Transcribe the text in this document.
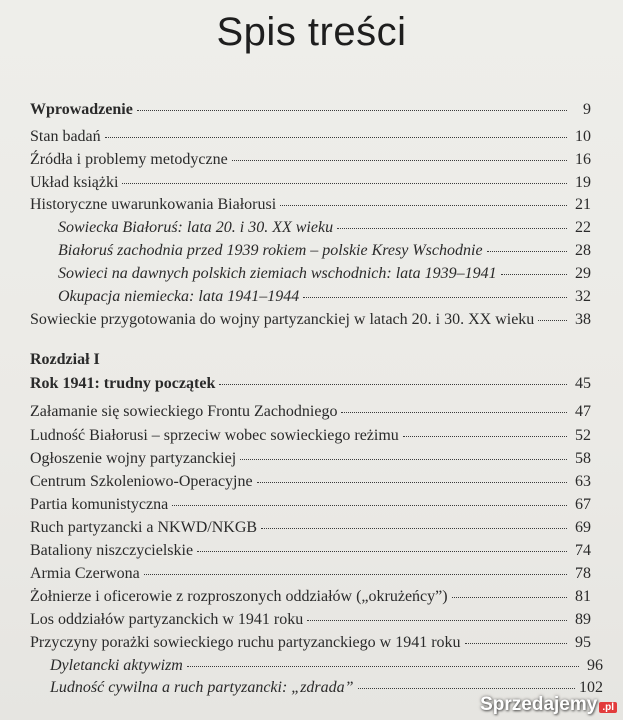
Spis treści
Wprowadzenie	9
Stan badań	10
Źródła i problemy metodyczne	16
Układ książki	19
Historyczne uwarunkowania Białorusi	21
Sowiecka Białoruś: lata 20. i 30. XX wieku	22
Białoruś zachodnia przed 1939 rokiem – polskie Kresy Wschodnie	28
Sowieci na dawnych polskich ziemiach wschodnich: lata 1939–1941	29
Okupacja niemiecka: lata 1941–1944	32
Sowieckie przygotowania do wojny partyzanckiej w latach 20. i 30. XX wieku	38
Rozdział I
Rok 1941: trudny początek	45
Załamanie się sowieckiego Frontu Zachodniego	47
Ludność Białorusi – sprzeciw wobec sowieckiego reżimu	52
Ogłoszenie wojny partyzanckiej	58
Centrum Szkoleniowo-Operacyjne	63
Partia komunistyczna	67
Ruch partyzancki a NKWD/NKGB	69
Bataliony niszczycielskie	74
Armia Czerwona	78
Żołnierze i oficerowie z rozproszonych oddziałów („okrużeńcy”)	81
Los oddziałów partyzanckich w 1941 roku	89
Przyczyny porażki sowieckiego ruchu partyzanckiego w 1941 roku	95
Dyletancki aktywizm	96
Ludność cywilna a ruch partyzancki: „zdrada”	102
Sprzedajemy .pl
